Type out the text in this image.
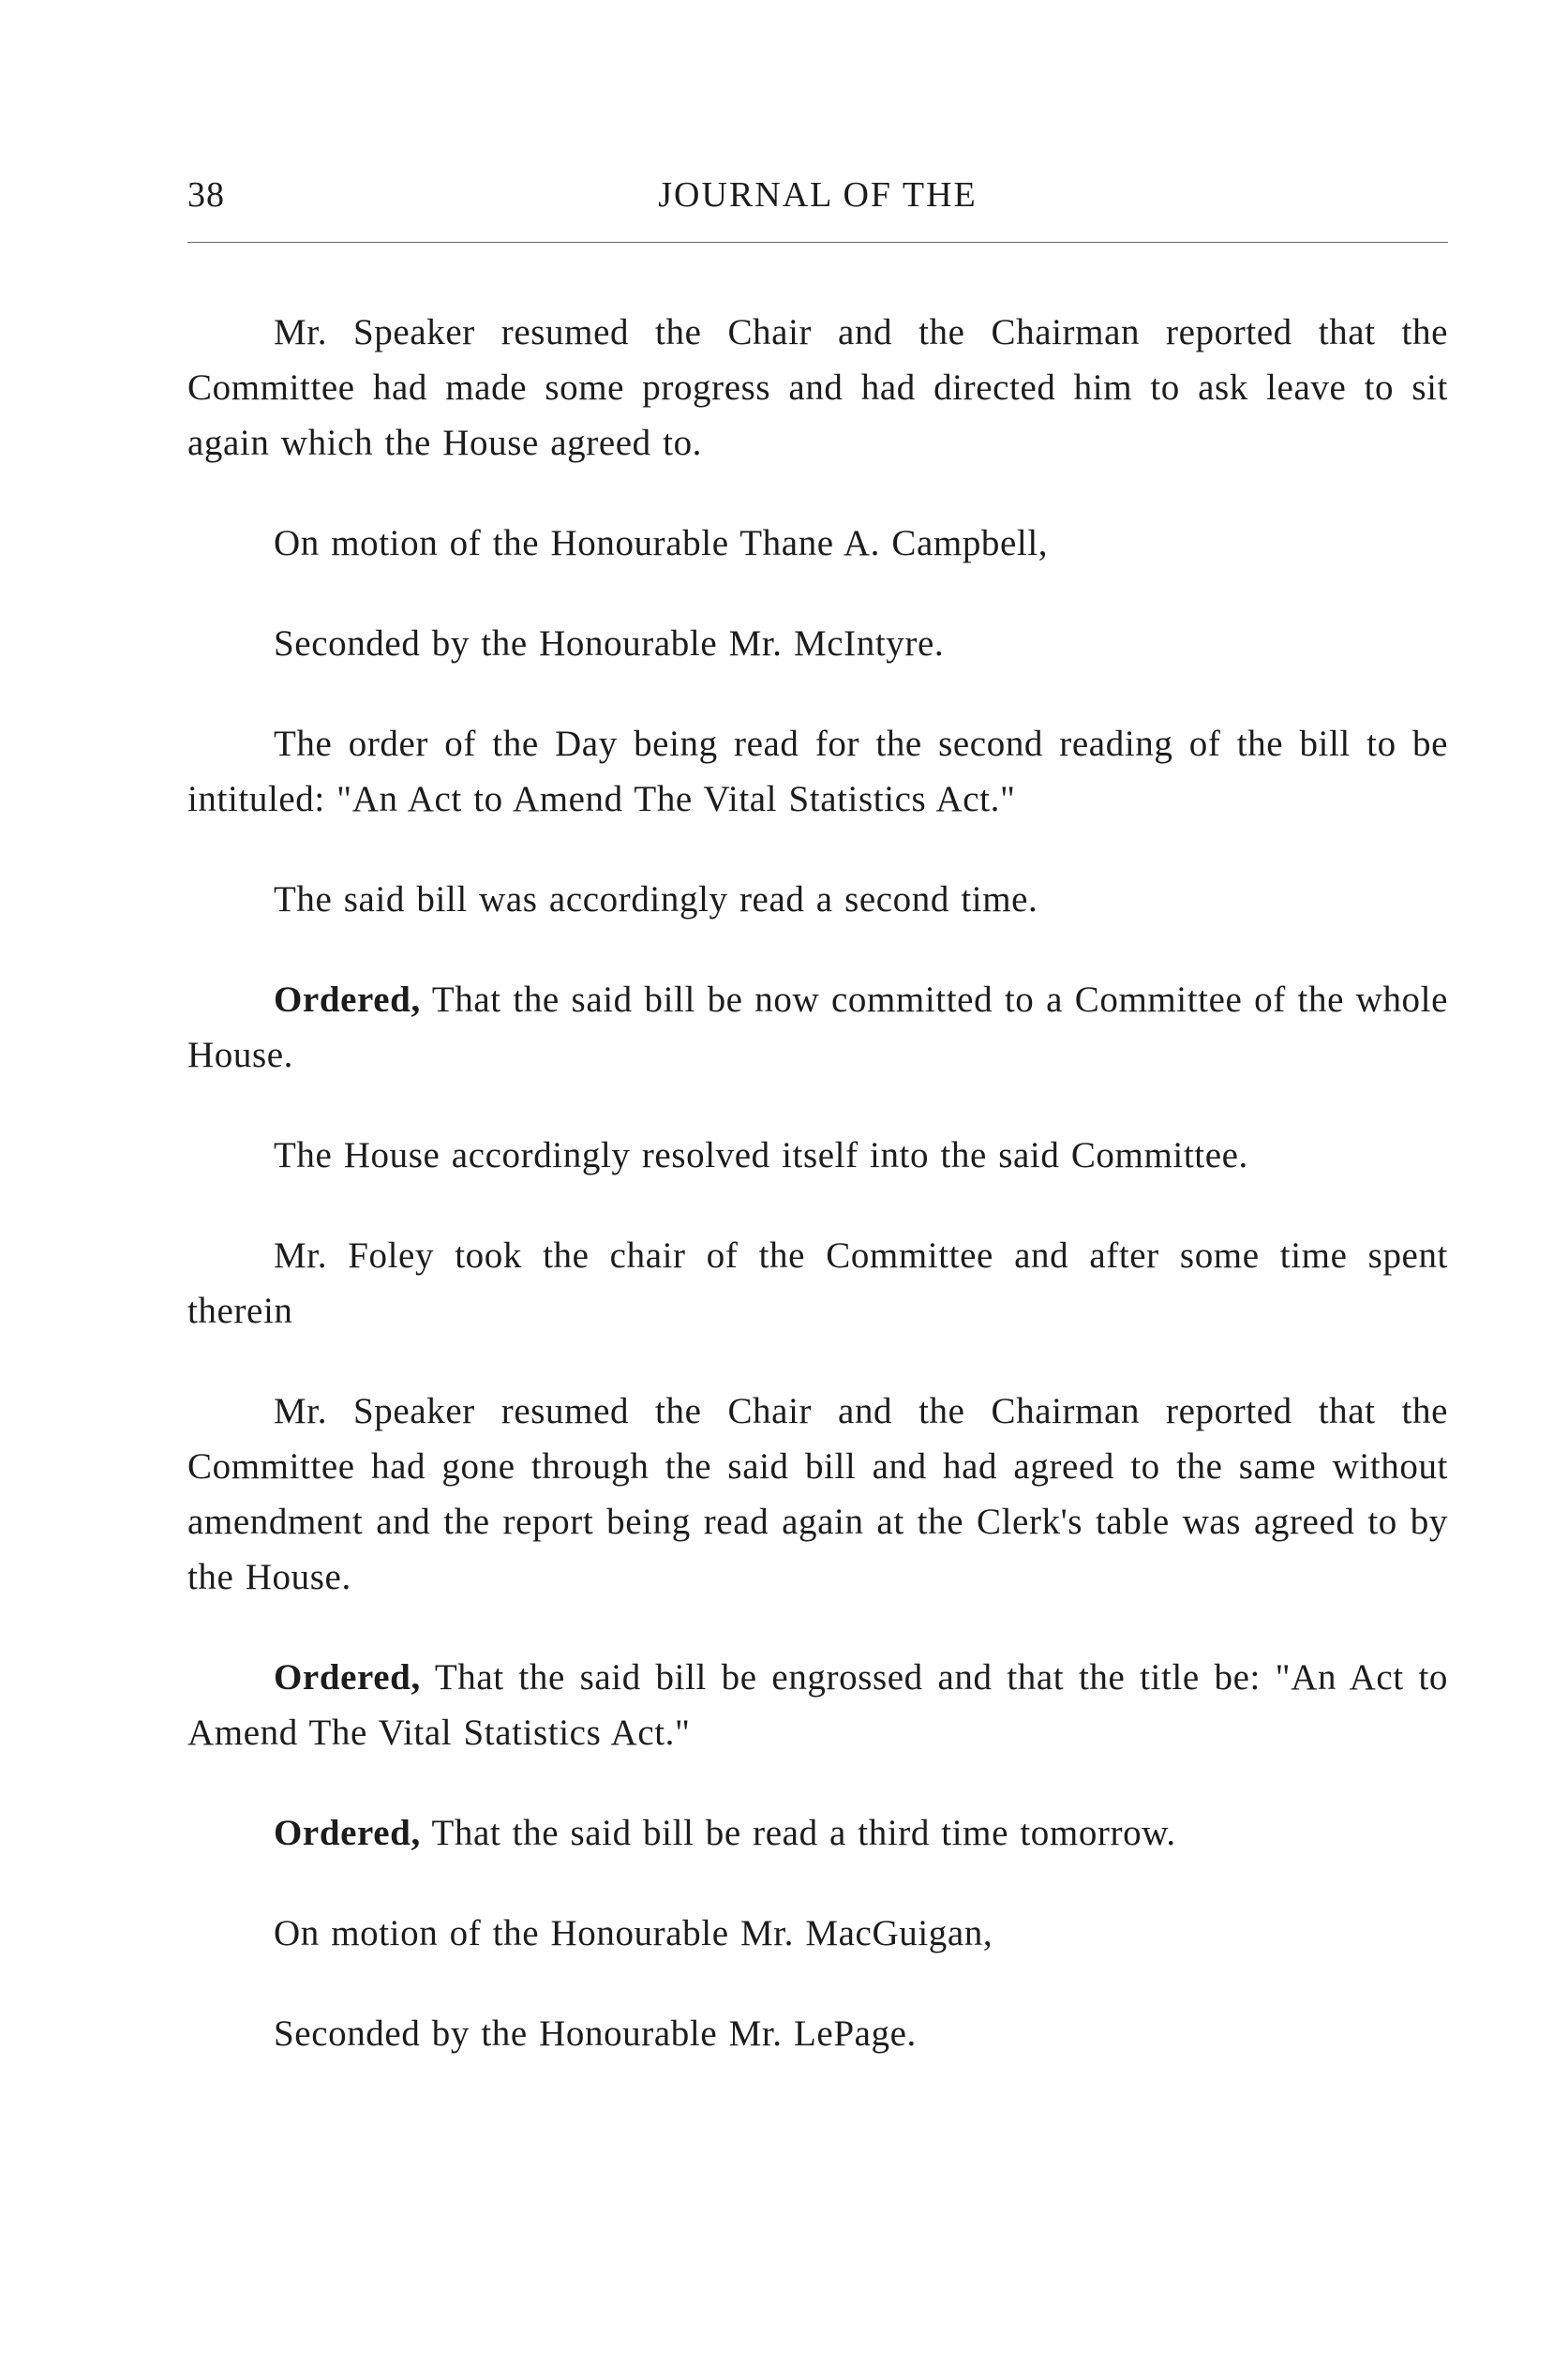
38	JOURNAL OF THE

Mr. Speaker resumed the Chair and the Chairman reported that the Committee had made some progress and had directed him to ask leave to sit again which the House agreed to.

On motion of the Honourable Thane A. Campbell,

Seconded by the Honourable Mr. McIntyre.

The order of the Day being read for the second reading of the bill to be intituled: "An Act to Amend The Vital Statistics Act."

The said bill was accordingly read a second time.

Ordered, That the said bill be now committed to a Committee of the whole House.

The House accordingly resolved itself into the said Committee.

Mr. Foley took the chair of the Committee and after some time spent therein

Mr. Speaker resumed the Chair and the Chairman reported that the Committee had gone through the said bill and had agreed to the same without amendment and the report being read again at the Clerk's table was agreed to by the House.

Ordered, That the said bill be engrossed and that the title be: "An Act to Amend The Vital Statistics Act."

Ordered, That the said bill be read a third time tomorrow.

On motion of the Honourable Mr. MacGuigan,

Seconded by the Honourable Mr. LePage.
